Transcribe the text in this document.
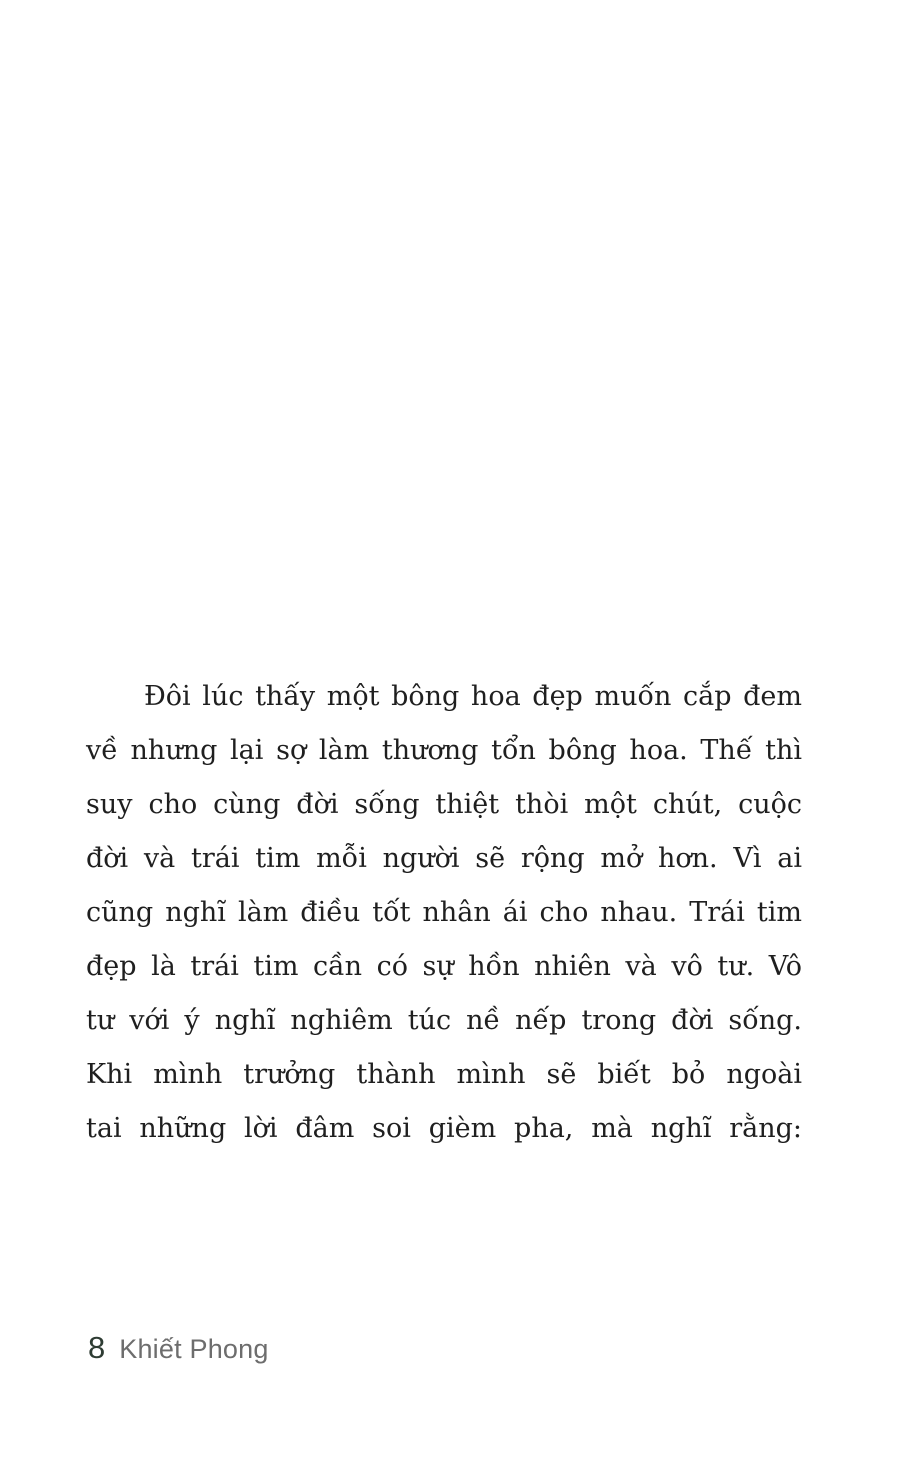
Đôi lúc thấy một bông hoa đẹp muốn cắp đem
về nhưng lại sợ làm thương tổn bông hoa. Thế thì
suy cho cùng đời sống thiệt thòi một chút, cuộc
đời và trái tim mỗi người sẽ rộng mở hơn. Vì ai
cũng nghĩ làm điều tốt nhân ái cho nhau. Trái tim
đẹp là trái tim cần có sự hồn nhiên và vô tư. Vô
tư với ý nghĩ nghiêm túc nề nếp trong đời sống.
Khi mình trưởng thành mình sẽ biết bỏ ngoài
tai những lời đâm soi gièm pha, mà nghĩ rằng:
8 Khiết Phong
